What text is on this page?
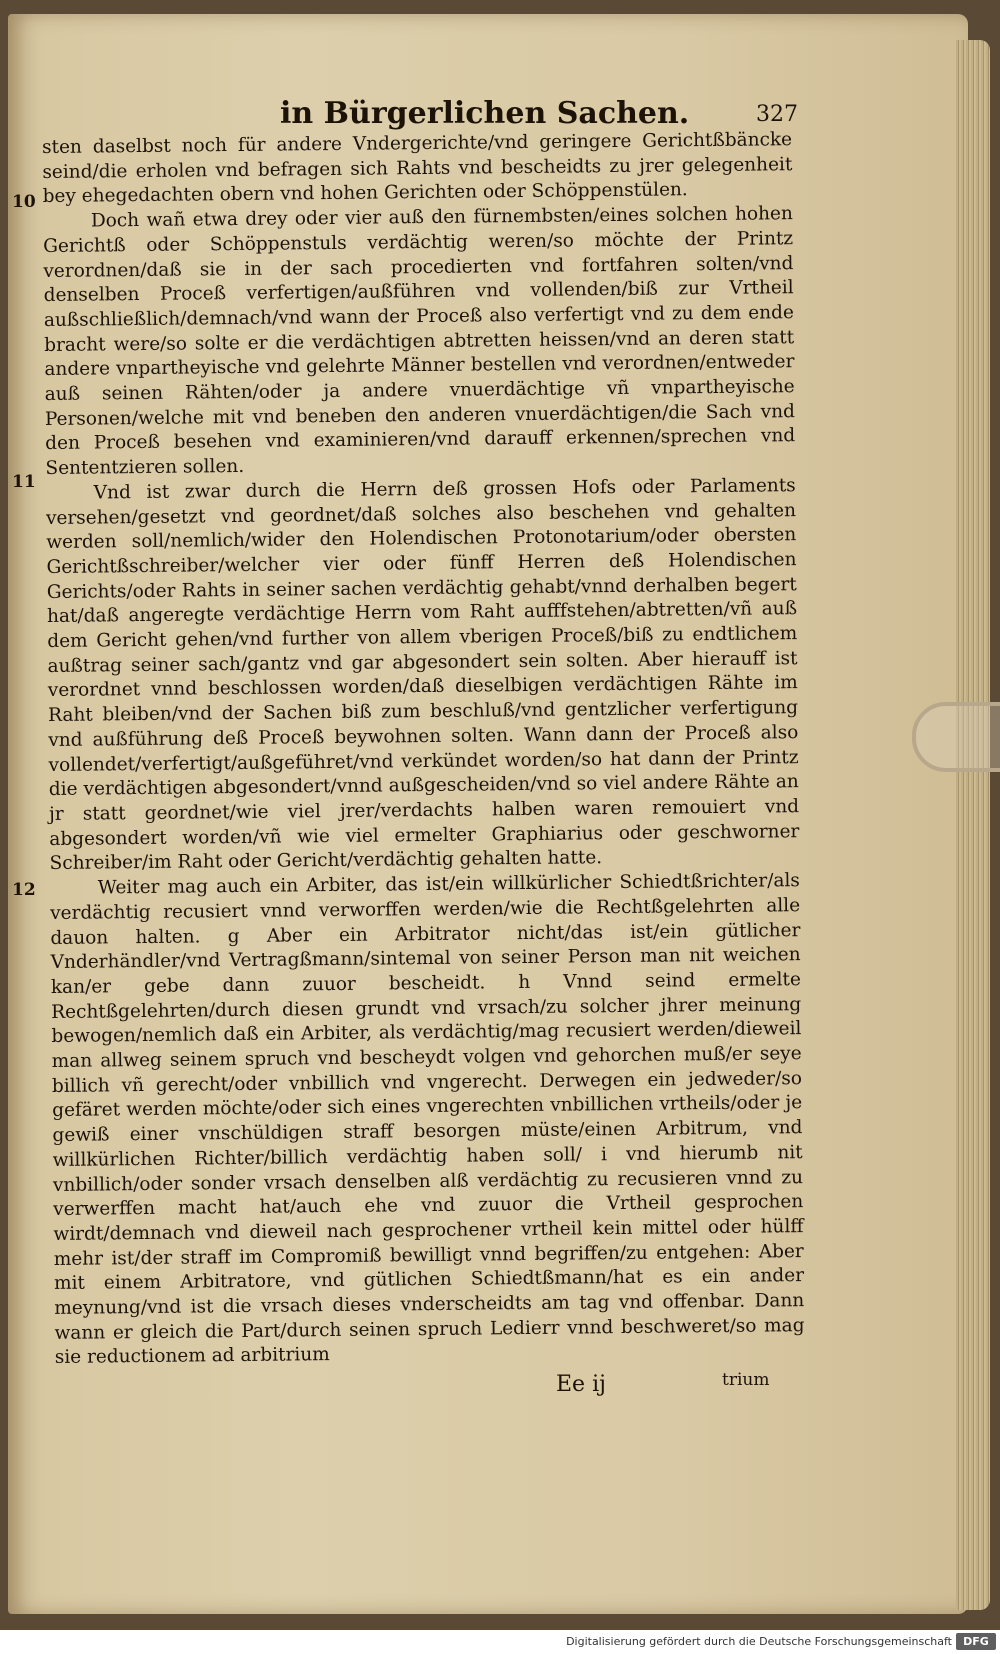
in Bürgerlichen Sachen.	327
10
11
12

sten daselbst noch für andere Vndergerichte/vnd geringere Gerichtßbäncke seind/die erholen vnd befragen sich Rahts vnd bescheidts zu jrer gelegenheit bey ehegedachten obern vnd hohen Gerichten oder Schöppenstülen.

Doch wañ etwa drey oder vier auß den fürnembsten/eines solchen hohen Gerichtß oder Schöppenstuls verdächtig weren/so möchte der Printz verordnen/daß sie in der sach procedierten vnd fortfahren solten/vnd denselben Proceß verfertigen/außführen vnd vollenden/biß zur Vrtheil außschließlich/demnach/vnd wann der Proceß also verfertigt vnd zu dem ende bracht were/so solte er die verdächtigen abtretten heissen/vnd an deren statt andere vnpartheyische vnd gelehrte Männer bestellen vnd verordnen/entweder auß seinen Rähten/oder ja andere vnuerdächtige vñ vnpartheyische Personen/welche mit vnd beneben den anderen vnuerdächtigen/die Sach vnd den Proceß besehen vnd examinieren/vnd darauff erkennen/sprechen vnd Sententzieren sollen.

Vnd ist zwar durch die Herrn deß grossen Hofs oder Parlaments versehen/gesetzt vnd geordnet/daß solches also beschehen vnd gehalten werden soll/nemlich/wider den Holendischen Protonotarium/oder obersten Gerichtßschreiber/welcher vier oder fünff Herren deß Holendischen Gerichts/oder Rahts in seiner sachen verdächtig gehabt/vnnd derhalben begert hat/daß angeregte verdächtige Herrn vom Raht aufffstehen/abtretten/vñ auß dem Gericht gehen/vnd further von allem vberigen Proceß/biß zu endtlichem außtrag seiner sach/gantz vnd gar abgesondert sein solten. Aber hierauff ist verordnet vnnd beschlossen worden/daß dieselbigen verdächtigen Rähte im Raht bleiben/vnd der Sachen biß zum beschluß/vnd gentzlicher verfertigung vnd außführung deß Proceß beywohnen solten. Wann dann der Proceß also vollendet/verfertigt/außgeführet/vnd verkündet worden/so hat dann der Printz die verdächtigen abgesondert/vnnd außgescheiden/vnd so viel andere Rähte an jr statt geordnet/wie viel jrer/verdachts halben waren remouiert vnd abgesondert worden/vñ wie viel ermelter Graphiarius oder geschworner Schreiber/im Raht oder Gericht/verdächtig gehalten hatte.

Weiter mag auch ein Arbiter, das ist/ein willkürlicher Schiedtßrichter/als verdächtig recusiert vnnd verworffen werden/wie die Rechtßgelehrten alle dauon halten. g Aber ein Arbitrator nicht/das ist/ein gütlicher Vnderhändler/vnd Vertragßmann/sintemal von seiner Person man nit weichen kan/er gebe dann zuuor bescheidt. h Vnnd seind ermelte Rechtßgelehrten/durch diesen grundt vnd vrsach/zu solcher jhrer meinung bewogen/nemlich daß ein Arbiter, als verdächtig/mag recusiert werden/dieweil man allweg seinem spruch vnd bescheydt volgen vnd gehorchen muß/er seye billich vñ gerecht/oder vnbillich vnd vngerecht. Derwegen ein jedweder/so gefäret werden möchte/oder sich eines vngerechten vnbillichen vrtheils/oder je gewiß einer vnschüldigen straff besorgen müste/einen Arbitrum, vnd willkürlichen Richter/billich verdächtig haben soll/ i vnd hierumb nit vnbillich/oder sonder vrsach denselben alß verdächtig zu recusieren vnnd zu verwerffen macht hat/auch ehe vnd zuuor die Vrtheil gesprochen wirdt/demnach vnd dieweil nach gesprochener vrtheil kein mittel oder hülff mehr ist/der straff im Compromiß bewilligt vnnd begriffen/zu entgehen: Aber mit einem Arbitratore, vnd gütlichen Schiedtßmann/hat es ein ander meynung/vnd ist die vrsach dieses vnderscheidts am tag vnd offenbar. Dann wann er gleich die Part/durch seinen spruch Ledierr vnnd beschweret/so mag sie reductionem ad arbitrium

Ee ij	trium
Digitalisierung gefördert durch die Deutsche Forschungsgemeinschaft	DFG
